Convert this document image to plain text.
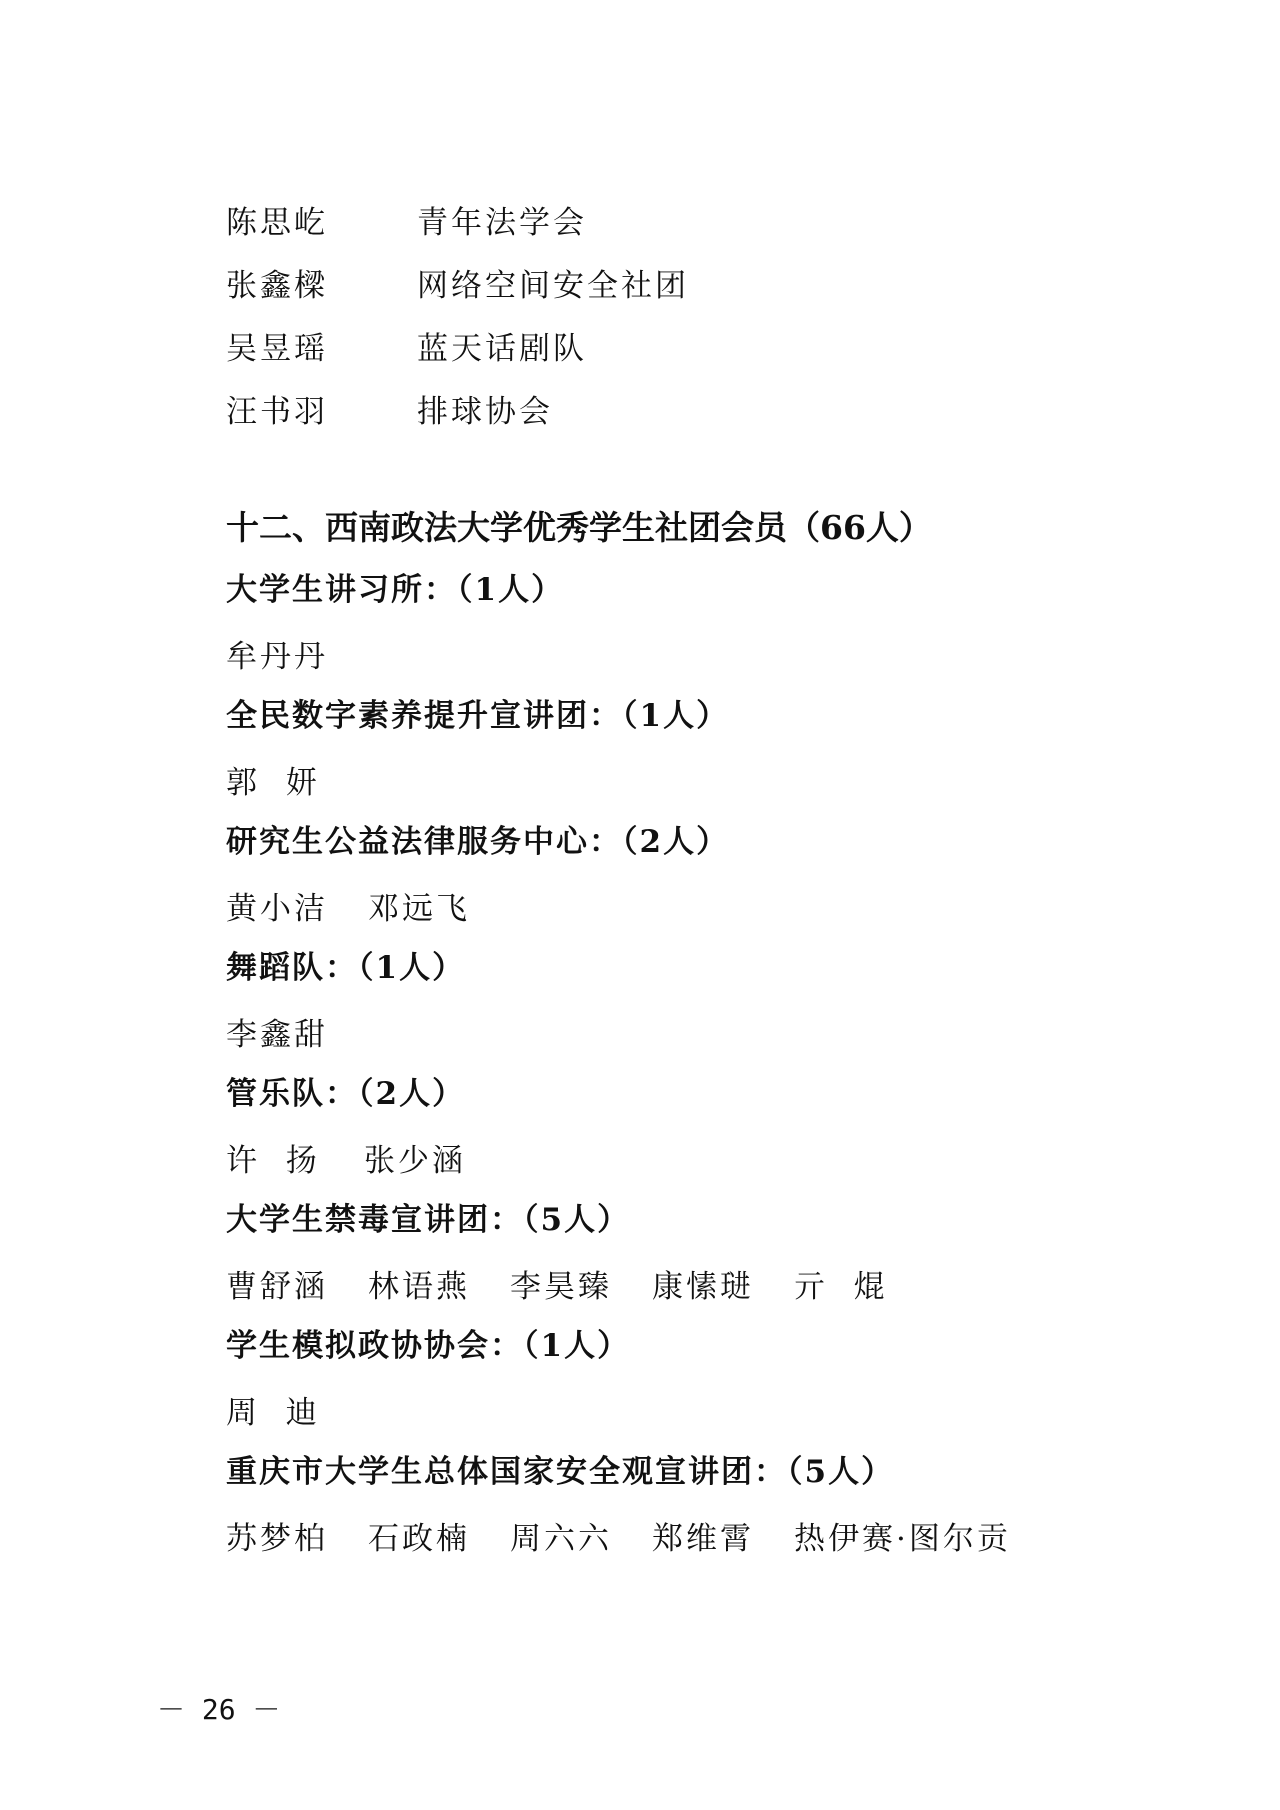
陈思屹	青年法学会
张鑫樑	网络空间安全社团
吴昱瑶	蓝天话剧队
汪书羽	排球协会
十二、西南政法大学优秀学生社团会员（66人）
大学生讲习所：（1人）
牟丹丹
全民数字素养提升宣讲团：（1人）
郭  妍
研究生公益法律服务中心：（2人）
黄小洁 邓远飞
舞蹈队：（1人）
李鑫甜
管乐队：（2人）
许  扬 张少涵
大学生禁毒宣讲团：（5人）
曹舒涵 林语燕 李昊臻 康愫琎 亓  焜
学生模拟政协协会：（1人）
周  迪
重庆市大学生总体国家安全观宣讲团：（5人）
苏梦柏 石政楠 周六六 郑维霄 热伊赛·图尔贡
－ 26 －
